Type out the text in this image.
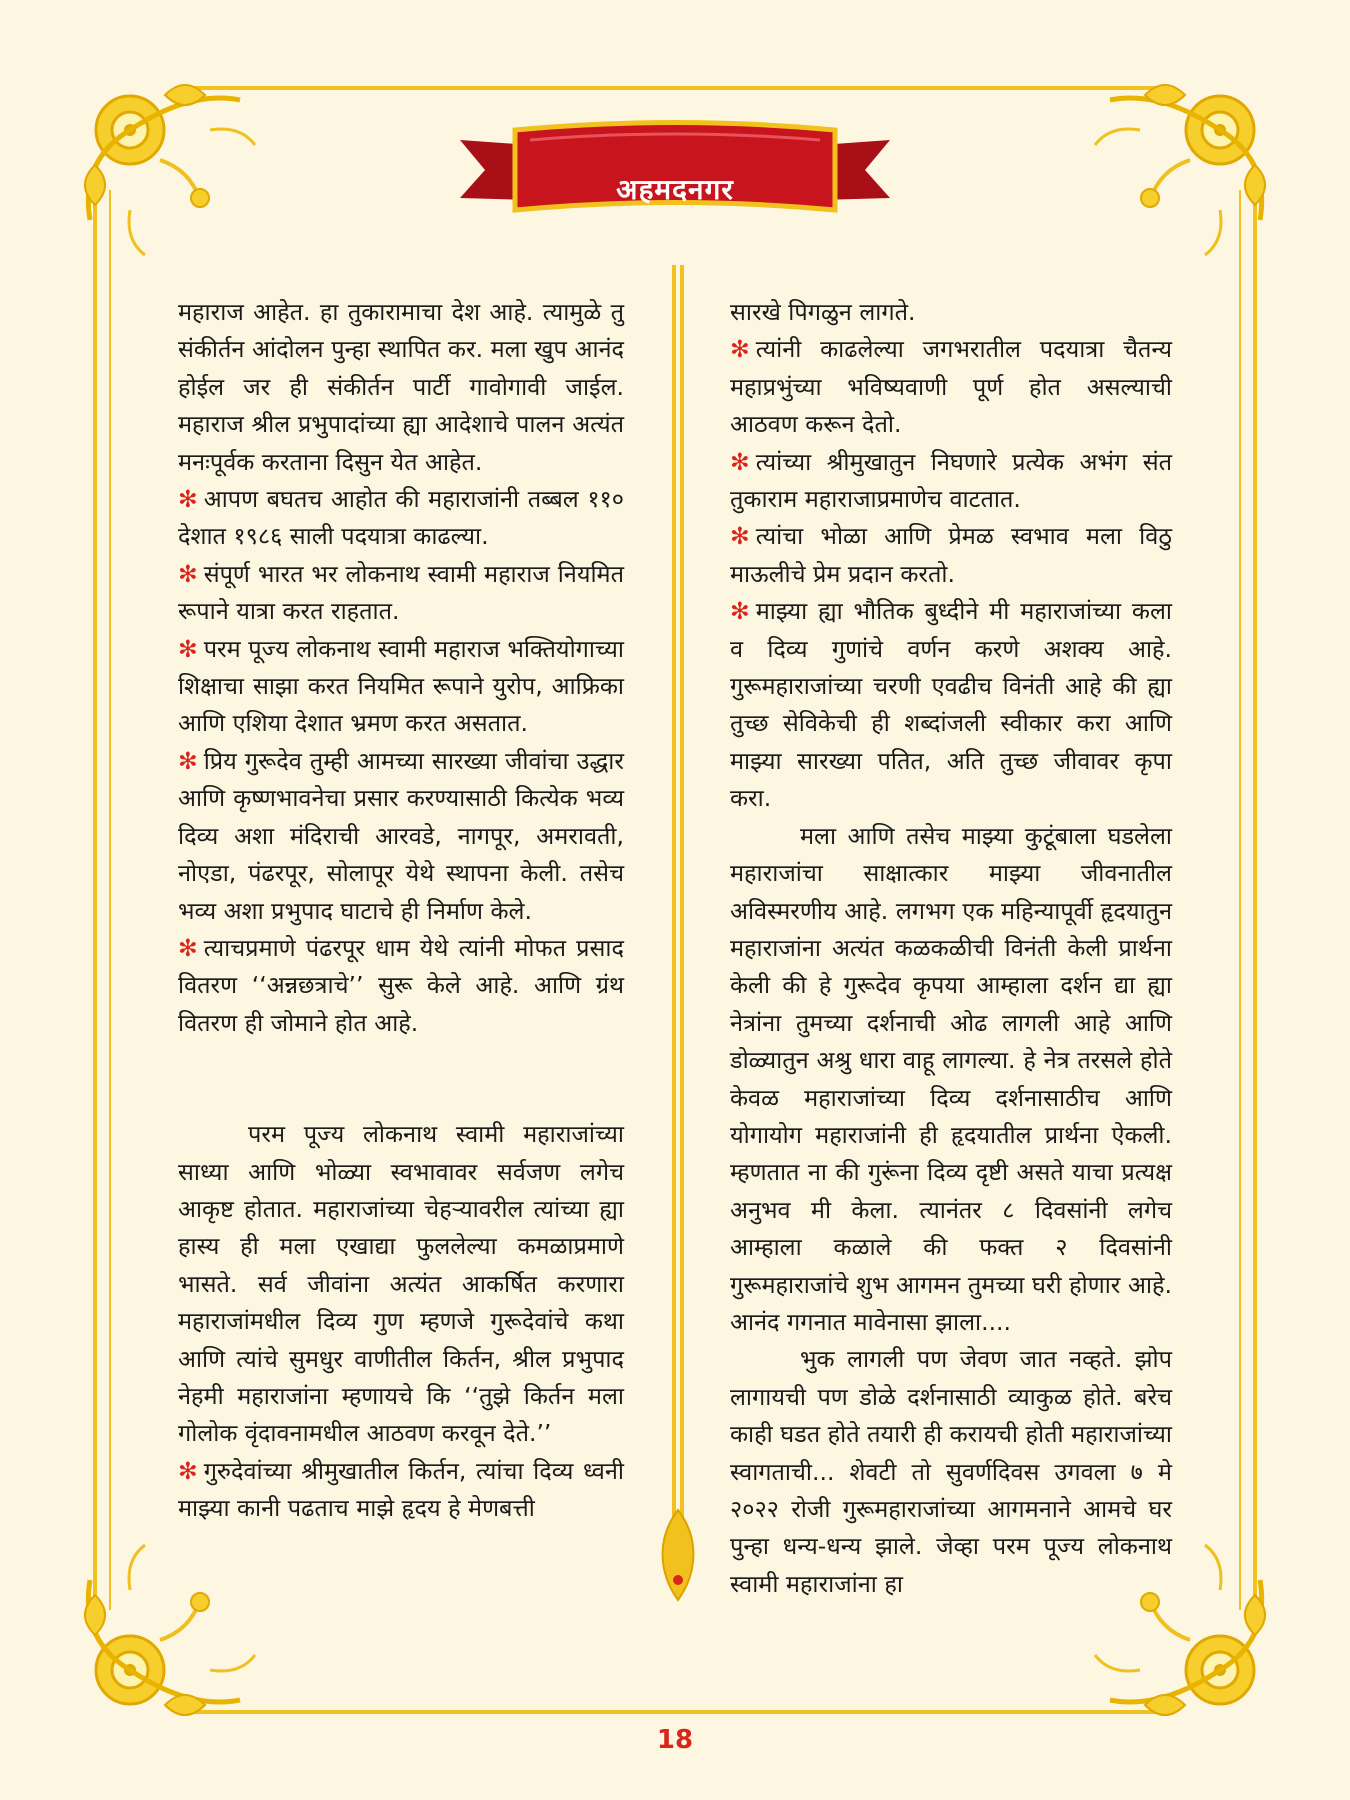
अहमदनगर

महाराज आहेत. हा तुकारामाचा देश आहे. त्यामुळे तु संकीर्तन आंदोलन पुन्हा स्थापित कर. मला खुप आनंद होईल जर ही संकीर्तन पार्टी गावोगावी जाईल. महाराज श्रील प्रभुपादांच्या ह्या आदेशाचे पालन अत्यंत मनःपूर्वक करताना दिसुन येत आहेत.

✻ आपण बघतच आहोत की महाराजांनी तब्बल ११० देशात १९८६ साली पदयात्रा काढल्या.

✻ संपूर्ण भारत भर लोकनाथ स्वामी महाराज नियमित रूपाने यात्रा करत राहतात.

✻ परम पूज्य लोकनाथ स्वामी महाराज भक्तियोगाच्या शिक्षाचा साझा करत नियमित रूपाने युरोप, आफ्रिका आणि एशिया देशात भ्रमण करत असतात.

✻ प्रिय गुरूदेव तुम्ही आमच्या सारख्या जीवांचा उद्धार आणि कृष्णभावनेचा प्रसार करण्यासाठी कित्येक भव्य दिव्य अशा मंदिराची आरवडे, नागपूर, अमरावती, नोएडा, पंढरपूर, सोलापूर येथे स्थापना केली. तसेच भव्य अशा प्रभुपाद घाटाचे ही निर्माण केले.

✻ त्याचप्रमाणे पंढरपूर धाम येथे त्यांनी मोफत प्रसाद वितरण ‘‘अन्नछत्राचे’’ सुरू केले आहे. आणि ग्रंथ वितरण ही जोमाने होत आहे.

परम पूज्य लोकनाथ स्वामी महाराजांच्या साध्या आणि भोळ्या स्वभावावर सर्वजण लगेच आकृष्ट होतात. महाराजांच्या चेहऱ्यावरील त्यांच्या ह्या हास्य ही मला एखाद्या फुललेल्या कमळाप्रमाणे भासते. सर्व जीवांना अत्यंत आकर्षित करणारा महाराजांमधील दिव्य गुण म्हणजे गुरूदेवांचे कथा आणि त्यांचे सुमधुर वाणीतील किर्तन, श्रील प्रभुपाद नेहमी महाराजांना म्हणायचे कि ‘‘तुझे किर्तन मला गोलोक वृंदावनामधील आठवण करवून देते.’’

✻ गुरुदेवांच्या श्रीमुखातील किर्तन, त्यांचा दिव्य ध्वनी माझ्या कानी पढताच माझे हृदय हे मेणबत्ती

सारखे पिगळुन लागते.

✻ त्यांनी काढलेल्या जगभरातील पदयात्रा चैतन्य महाप्रभुंच्या भविष्यवाणी पूर्ण होत असल्याची आठवण करून देतो.

✻ त्यांच्या श्रीमुखातुन निघणारे प्रत्येक अभंग संत तुकाराम महाराजाप्रमाणेच वाटतात.

✻ त्यांचा भोळा आणि प्रेमळ स्वभाव मला विठु माऊलीचे प्रेम प्रदान करतो.

✻ माझ्या ह्या भौतिक बुध्दीने मी महाराजांच्या कला व दिव्य गुणांचे वर्णन करणे अशक्य आहे. गुरूमहाराजांच्या चरणी एवढीच विनंती आहे की ह्या तुच्छ सेविकेची ही शब्दांजली स्वीकार करा आणि माझ्या सारख्या पतित, अति तुच्छ जीवावर कृपा करा.

मला आणि तसेच माझ्या कुटूंबाला घडलेला महाराजांचा साक्षात्कार माझ्या जीवनातील अविस्मरणीय आहे. लगभग एक महिन्यापूर्वी हृदयातुन महाराजांना अत्यंत कळकळीची विनंती केली प्रार्थना केली की हे गुरूदेव कृपया आम्हाला दर्शन द्या ह्या नेत्रांना तुमच्या दर्शनाची ओढ लागली आहे आणि डोळ्यातुन अश्रु धारा वाहू लागल्या. हे नेत्र तरसले होते केवळ महाराजांच्या दिव्य दर्शनासाठीच आणि योगायोग महाराजांनी ही हृदयातील प्रार्थना ऐकली. म्हणतात ना की गुरूंना दिव्य दृष्टी असते याचा प्रत्यक्ष अनुभव मी केला. त्यानंतर ८ दिवसांनी लगेच आम्हाला कळाले की फक्त २ दिवसांनी गुरूमहाराजांचे शुभ आगमन तुमच्या घरी होणार आहे. आनंद गगनात मावेनासा झाला....

भुक लागली पण जेवण जात नव्हते. झोप लागायची पण डोळे दर्शनासाठी व्याकुळ होते. बरेच काही घडत होते तयारी ही करायची होती महाराजांच्या स्वागताची... शेवटी तो सुवर्णदिवस उगवला ७ मे २०२२ रोजी गुरूमहाराजांच्या आगमनाने आमचे घर पुन्हा धन्य-धन्य झाले. जेव्हा परम पूज्य लोकनाथ स्वामी महाराजांना हा

18
